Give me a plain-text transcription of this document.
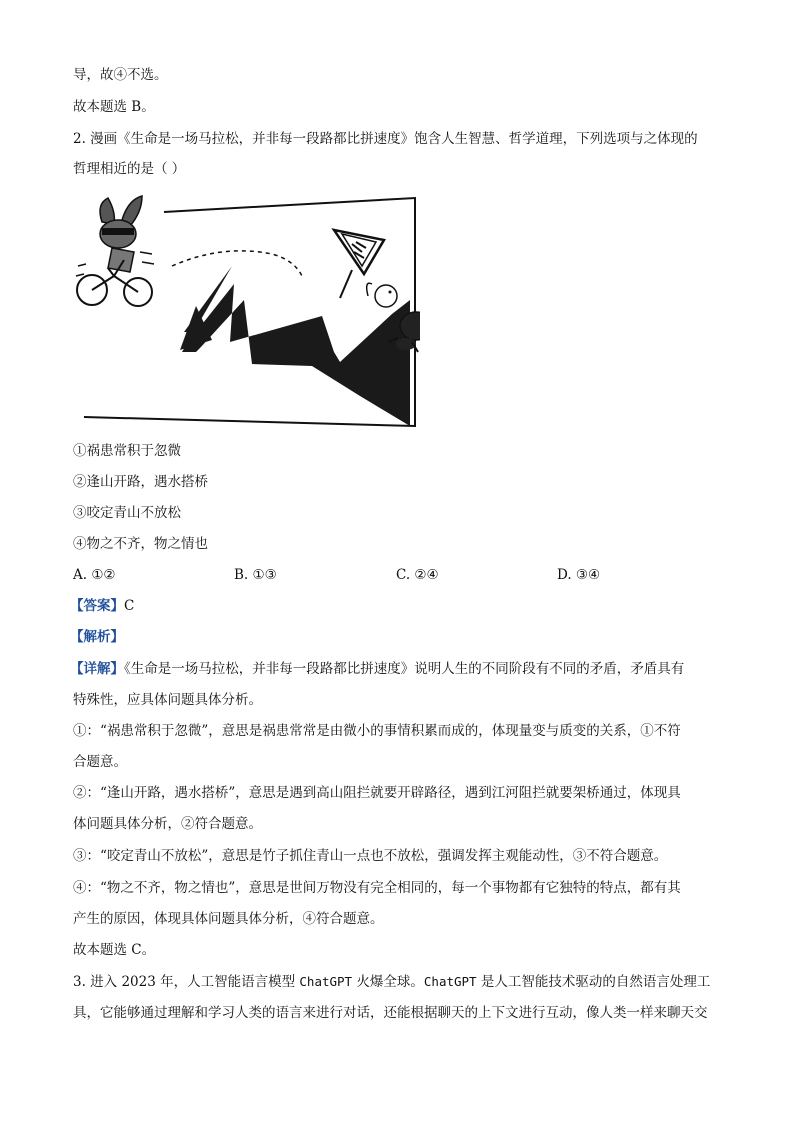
导，故④不选。
故本题选 B。
2. 漫画《生命是一场马拉松，并非每一段路都比拼速度》饱含人生智慧、哲学道理，下列选项与之体现的
哲理相近的是（ ）
①祸患常积于忽微
②逢山开路，遇水搭桥
③咬定青山不放松
④物之不齐，物之情也
A. ①②	B. ①③	C. ②④	D. ③④
【答案】C
【解析】
【详解】《生命是一场马拉松，并非每一段路都比拼速度》说明人生的不同阶段有不同的矛盾，矛盾具有
特殊性，应具体问题具体分析。
①：“祸患常积于忽微”，意思是祸患常常是由微小的事情积累而成的，体现量变与质变的关系，①不符
合题意。
②：“逢山开路，遇水搭桥”，意思是遇到高山阻拦就要开辟路径，遇到江河阻拦就要架桥通过，体现具
体问题具体分析，②符合题意。
③：“咬定青山不放松”，意思是竹子抓住青山一点也不放松，强调发挥主观能动性，③不符合题意。
④：“物之不齐，物之情也”，意思是世间万物没有完全相同的，每一个事物都有它独特的特点，都有其
产生的原因，体现具体问题具体分析，④符合题意。
故本题选 C。
3. 进入 2023 年，人工智能语言模型 ChatGPT 火爆全球。ChatGPT 是人工智能技术驱动的自然语言处理工
具，它能够通过理解和学习人类的语言来进行对话，还能根据聊天的上下文进行互动，像人类一样来聊天交
